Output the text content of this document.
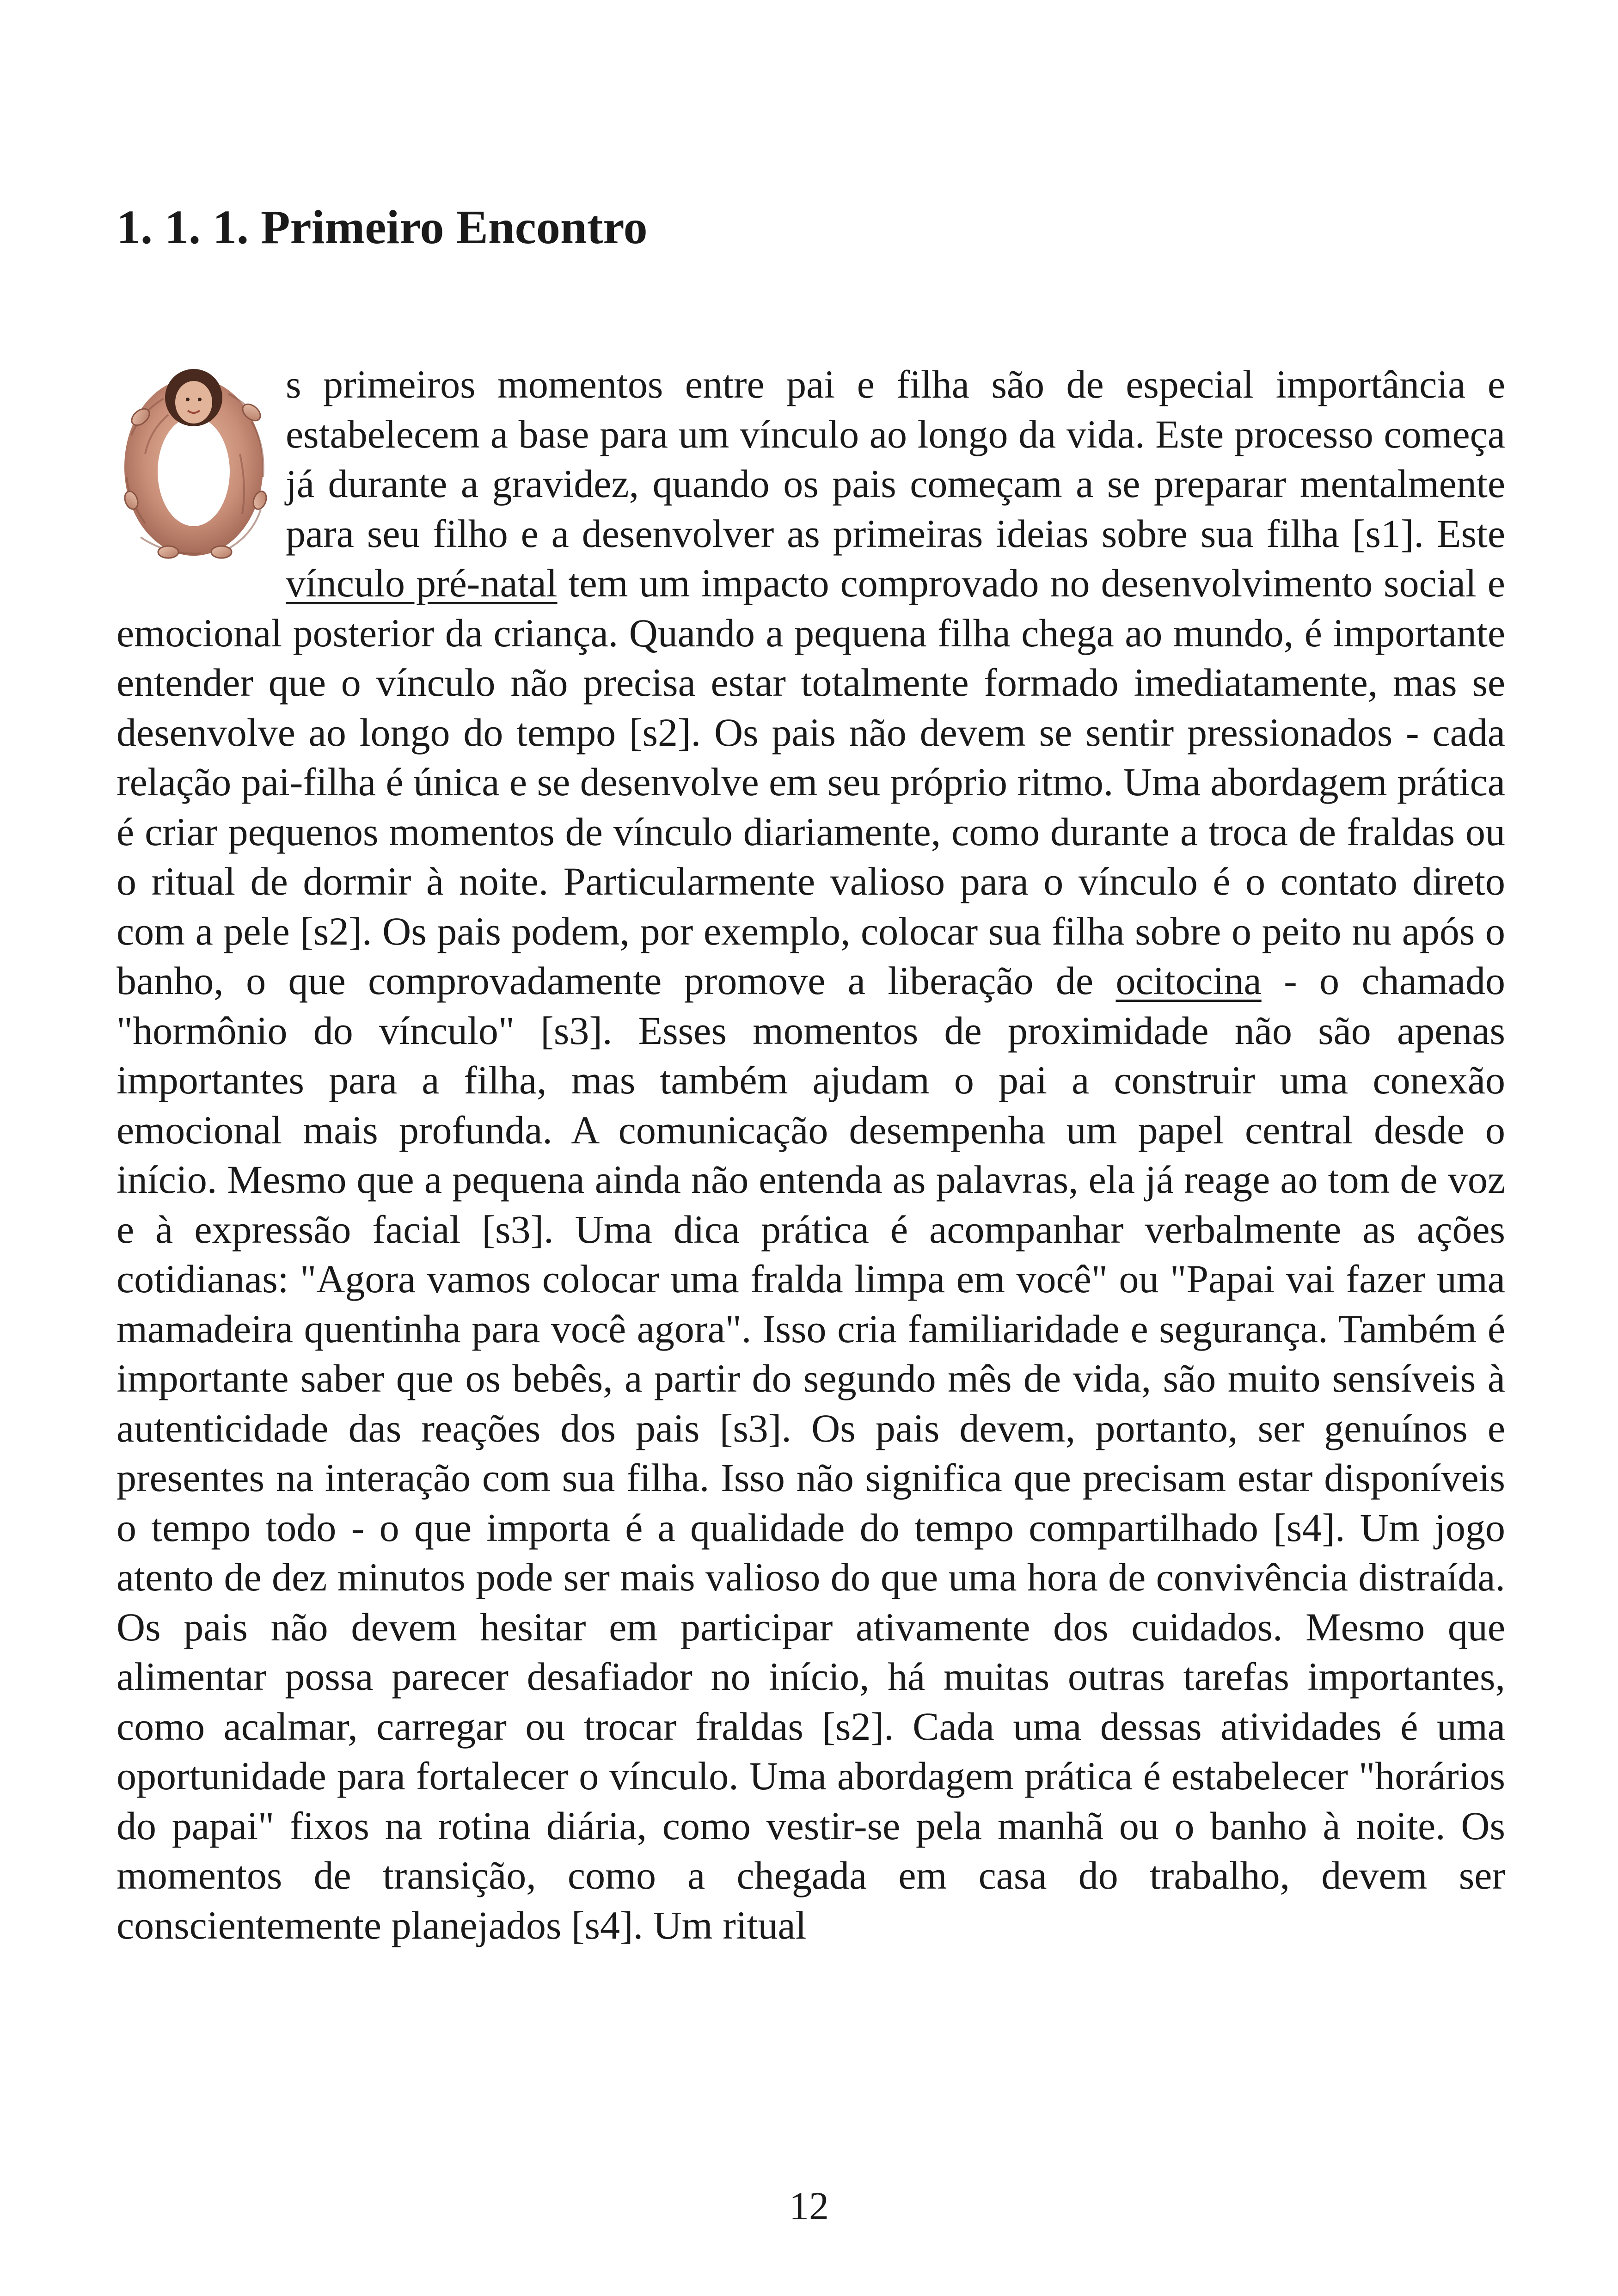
1. 1. 1. Primeiro Encontro

s primeiros momentos entre pai e filha são de especial importância e estabelecem a base para um vínculo ao longo da vida. Este processo começa já durante a gravidez, quando os pais começam a se preparar mentalmente para seu filho e a desenvolver as primeiras ideias sobre sua filha [s1]. Este vínculo pré-natal tem um impacto comprovado no desenvolvimento social e emocional posterior da criança. Quando a pequena filha chega ao mundo, é importante entender que o vínculo não precisa estar totalmente formado imediatamente, mas se desenvolve ao longo do tempo [s2]. Os pais não devem se sentir pressionados - cada relação pai-filha é única e se desenvolve em seu próprio ritmo. Uma abordagem prática é criar pequenos momentos de vínculo diariamente, como durante a troca de fraldas ou o ritual de dormir à noite. Particularmente valioso para o vínculo é o contato direto com a pele [s2]. Os pais podem, por exemplo, colocar sua filha sobre o peito nu após o banho, o que comprovadamente promove a liberação de ocitocina - o chamado "hormônio do vínculo" [s3]. Esses momentos de proximidade não são apenas importantes para a filha, mas também ajudam o pai a construir uma conexão emocional mais profunda. A comunicação desempenha um papel central desde o início. Mesmo que a pequena ainda não entenda as palavras, ela já reage ao tom de voz e à expressão facial [s3]. Uma dica prática é acompanhar verbalmente as ações cotidianas: "Agora vamos colocar uma fralda limpa em você" ou "Papai vai fazer uma mamadeira quentinha para você agora". Isso cria familiaridade e segurança. Também é importante saber que os bebês, a partir do segundo mês de vida, são muito sensíveis à autenticidade das reações dos pais [s3]. Os pais devem, portanto, ser genuínos e presentes na interação com sua filha. Isso não significa que precisam estar disponíveis o tempo todo - o que importa é a qualidade do tempo compartilhado [s4]. Um jogo atento de dez minutos pode ser mais valioso do que uma hora de convivência distraída. Os pais não devem hesitar em participar ativamente dos cuidados. Mesmo que alimentar possa parecer desafiador no início, há muitas outras tarefas importantes, como acalmar, carregar ou trocar fraldas [s2]. Cada uma dessas atividades é uma oportunidade para fortalecer o vínculo. Uma abordagem prática é estabelecer "horários do papai" fixos na rotina diária, como vestir-se pela manhã ou o banho à noite. Os momentos de transição, como a chegada em casa do trabalho, devem ser conscientemente planejados [s4]. Um ritual

12
